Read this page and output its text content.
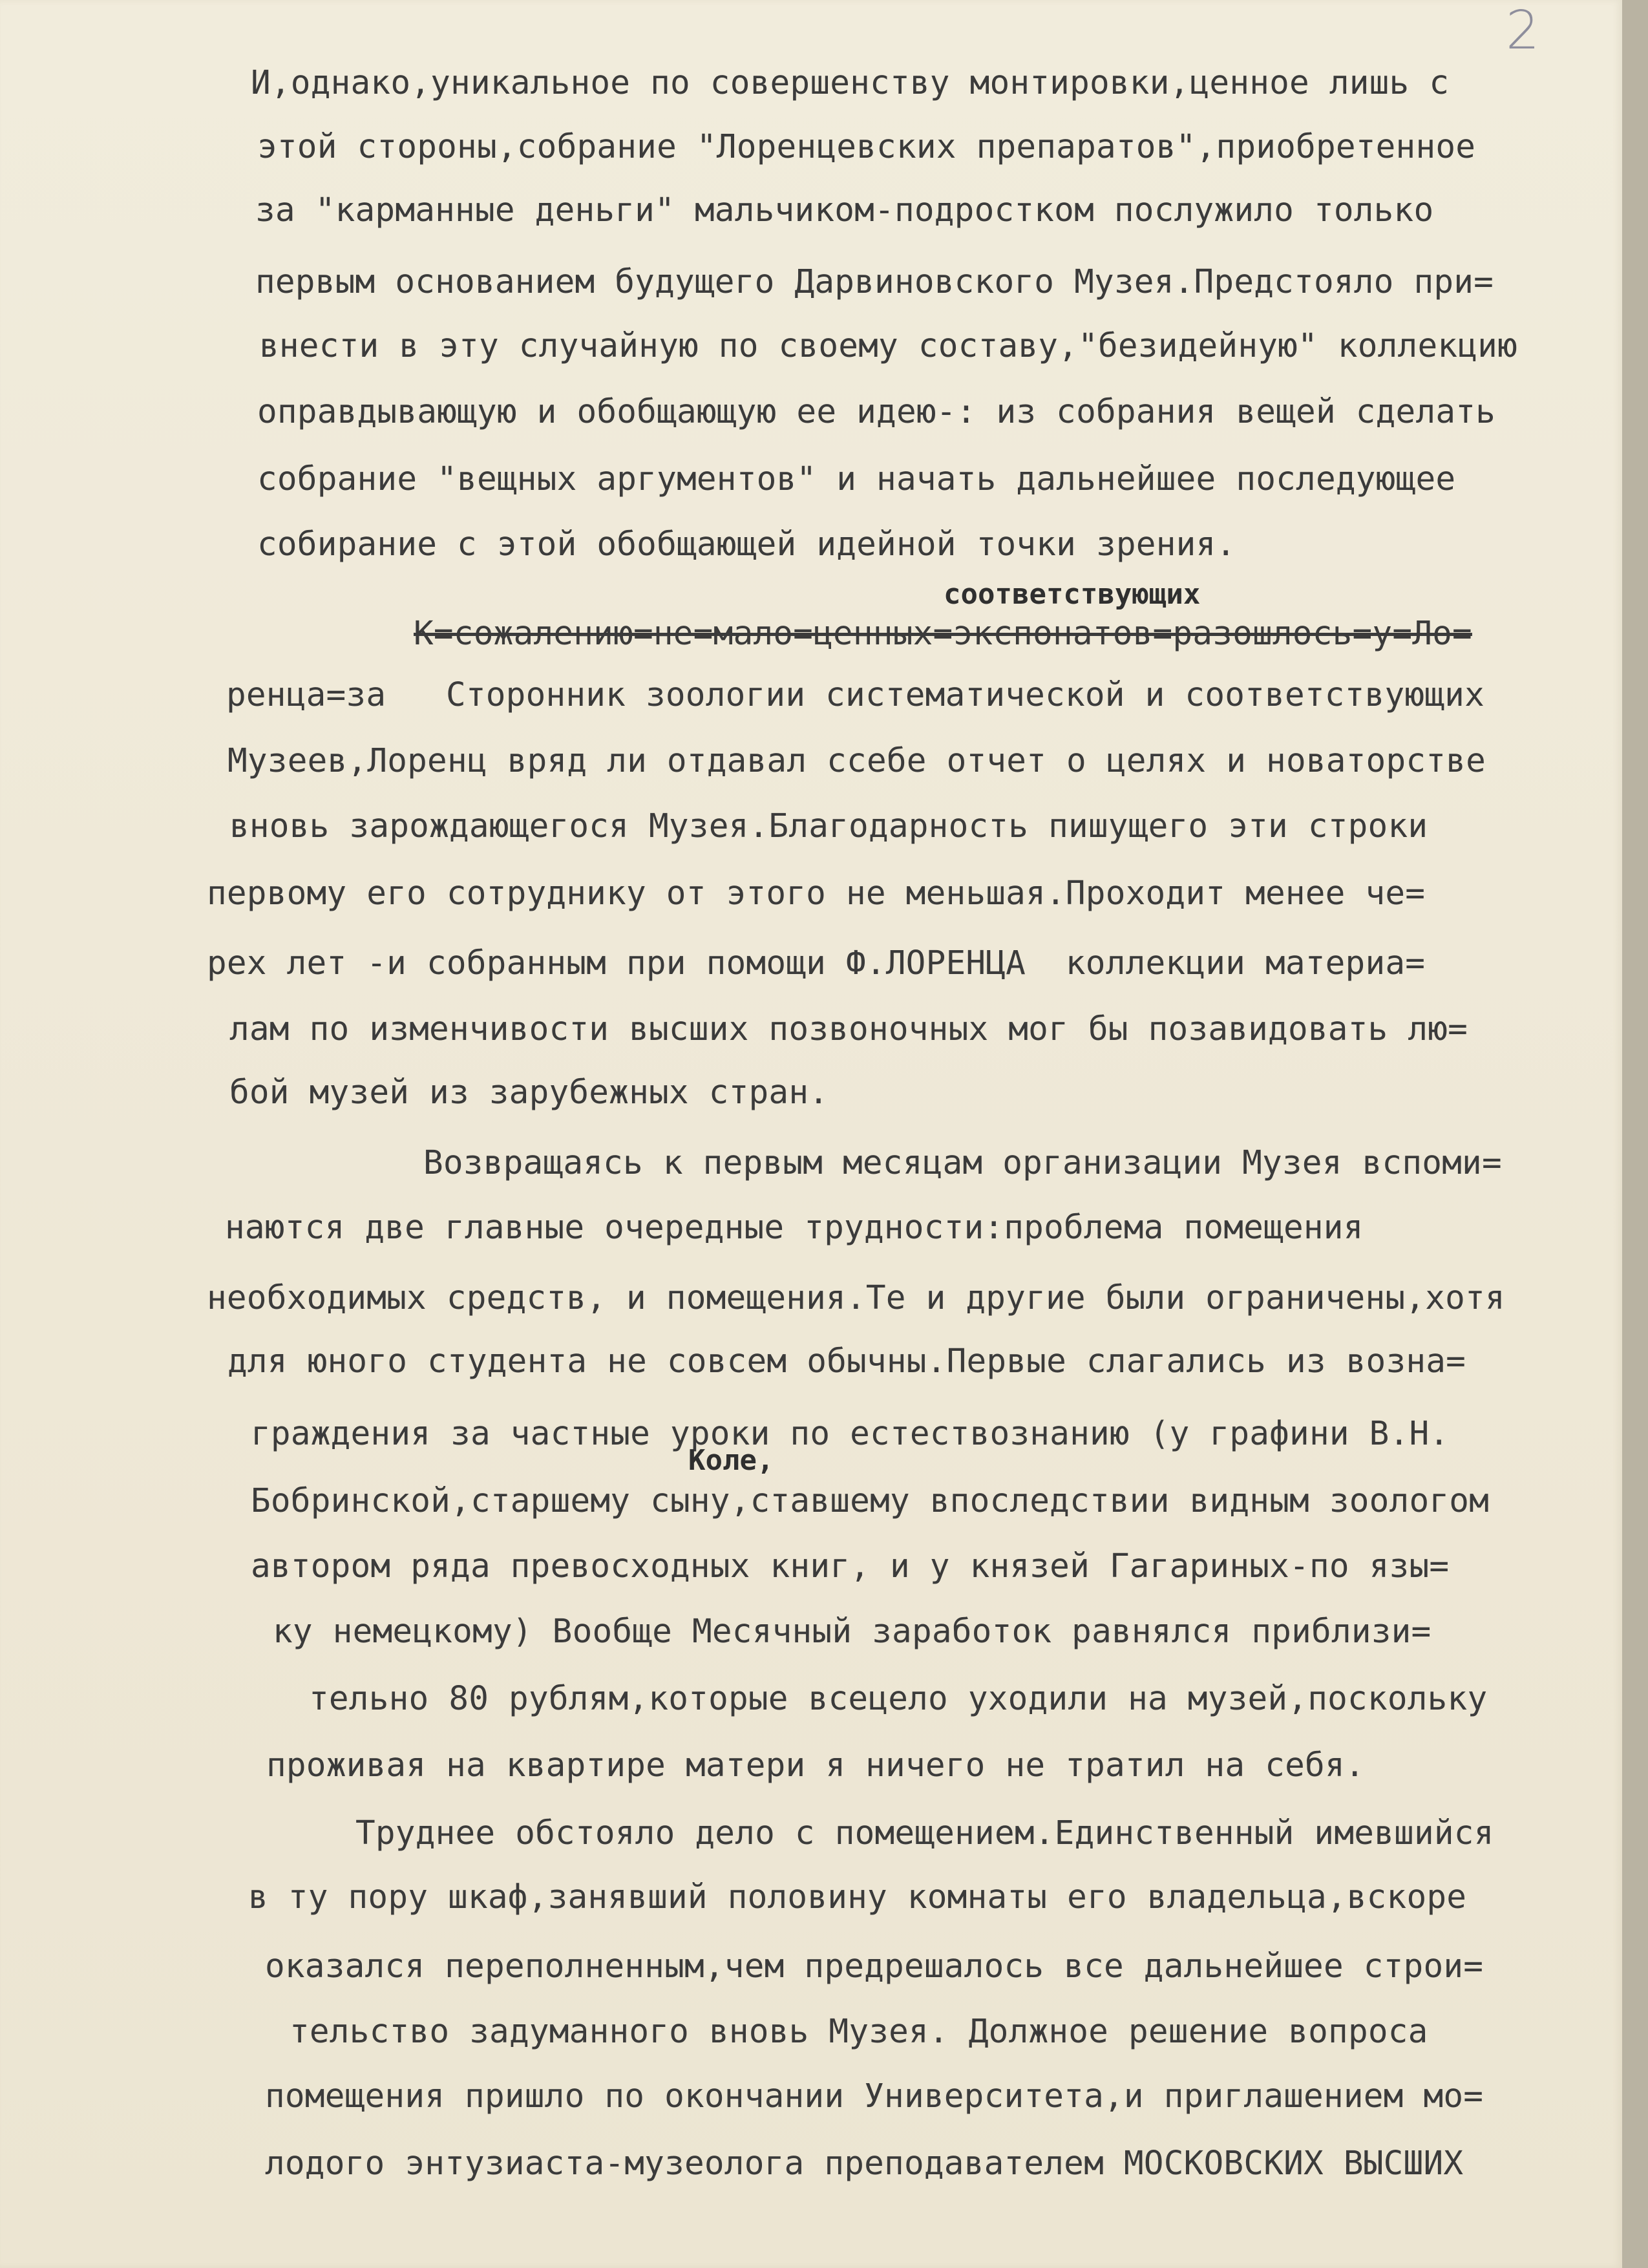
2
И,однако,уникальное по совершенству монтировки,ценное лишь с
этой стороны,собрание "Лоренцевских препаратов",приобретенное
за "карманные деньги" мальчиком-подростком послужило только
первым основанием будущего Дарвиновского Музея.Предстояло при=
внести в эту случайную по своему составу,"безидейную" коллекцию
оправдывающую и обобщающую ее идею-: из собрания вещей сделать
собрание "вещных аргументов" и начать дальнейшее последующее
собирание с этой обобщающей идейной точки зрения.
соответствующих
К=сожалению=не=мало=ценных=экспонатов=разошлось=у=Ло=
ренца=за   Сторонник зоологии систематической и соответствующих
Музеев,Лоренц вряд ли отдавал ссебе отчет о целях и новаторстве
вновь зарождающегося Музея.Благодарность пишущего эти строки
первому его сотруднику от этого не меньшая.Проходит менее че=
рех лет -и собранным при помощи Ф.ЛОРЕНЦА  коллекции материа=
лам по изменчивости высших позвоночных мог бы позавидовать лю=
бой музей из зарубежных стран.
Возвращаясь к первым месяцам организации Музея вспоми=
наются две главные очередные трудности:проблема помещения
необходимых средств, и помещения.Те и другие были ограничены,хотя
для юного студента не совсем обычны.Первые слагались из возна=
граждения за частные уроки по естествознанию (у графини В.Н.
Коле,
Бобринской,старшему сыну,ставшему впоследствии видным зоологом
автором ряда превосходных книг, и у князей Гагариных-по язы=
ку немецкому) Вообще Месячный заработок равнялся приблизи=
тельно 80 рублям,которые всецело уходили на музей,поскольку
проживая на квартире матери я ничего не тратил на себя.
Труднее обстояло дело с помещением.Единственный имевшийся
в ту пору шкаф,занявший половину комнаты его владельца,вскоре
оказался переполненным,чем предрешалось все дальнейшее строи=
тельство задуманного вновь Музея. Должное решение вопроса
помещения пришло по окончании Университета,и приглашением мо=
лодого энтузиаста-музеолога преподавателем МОСКОВСКИХ ВЫСШИХ
